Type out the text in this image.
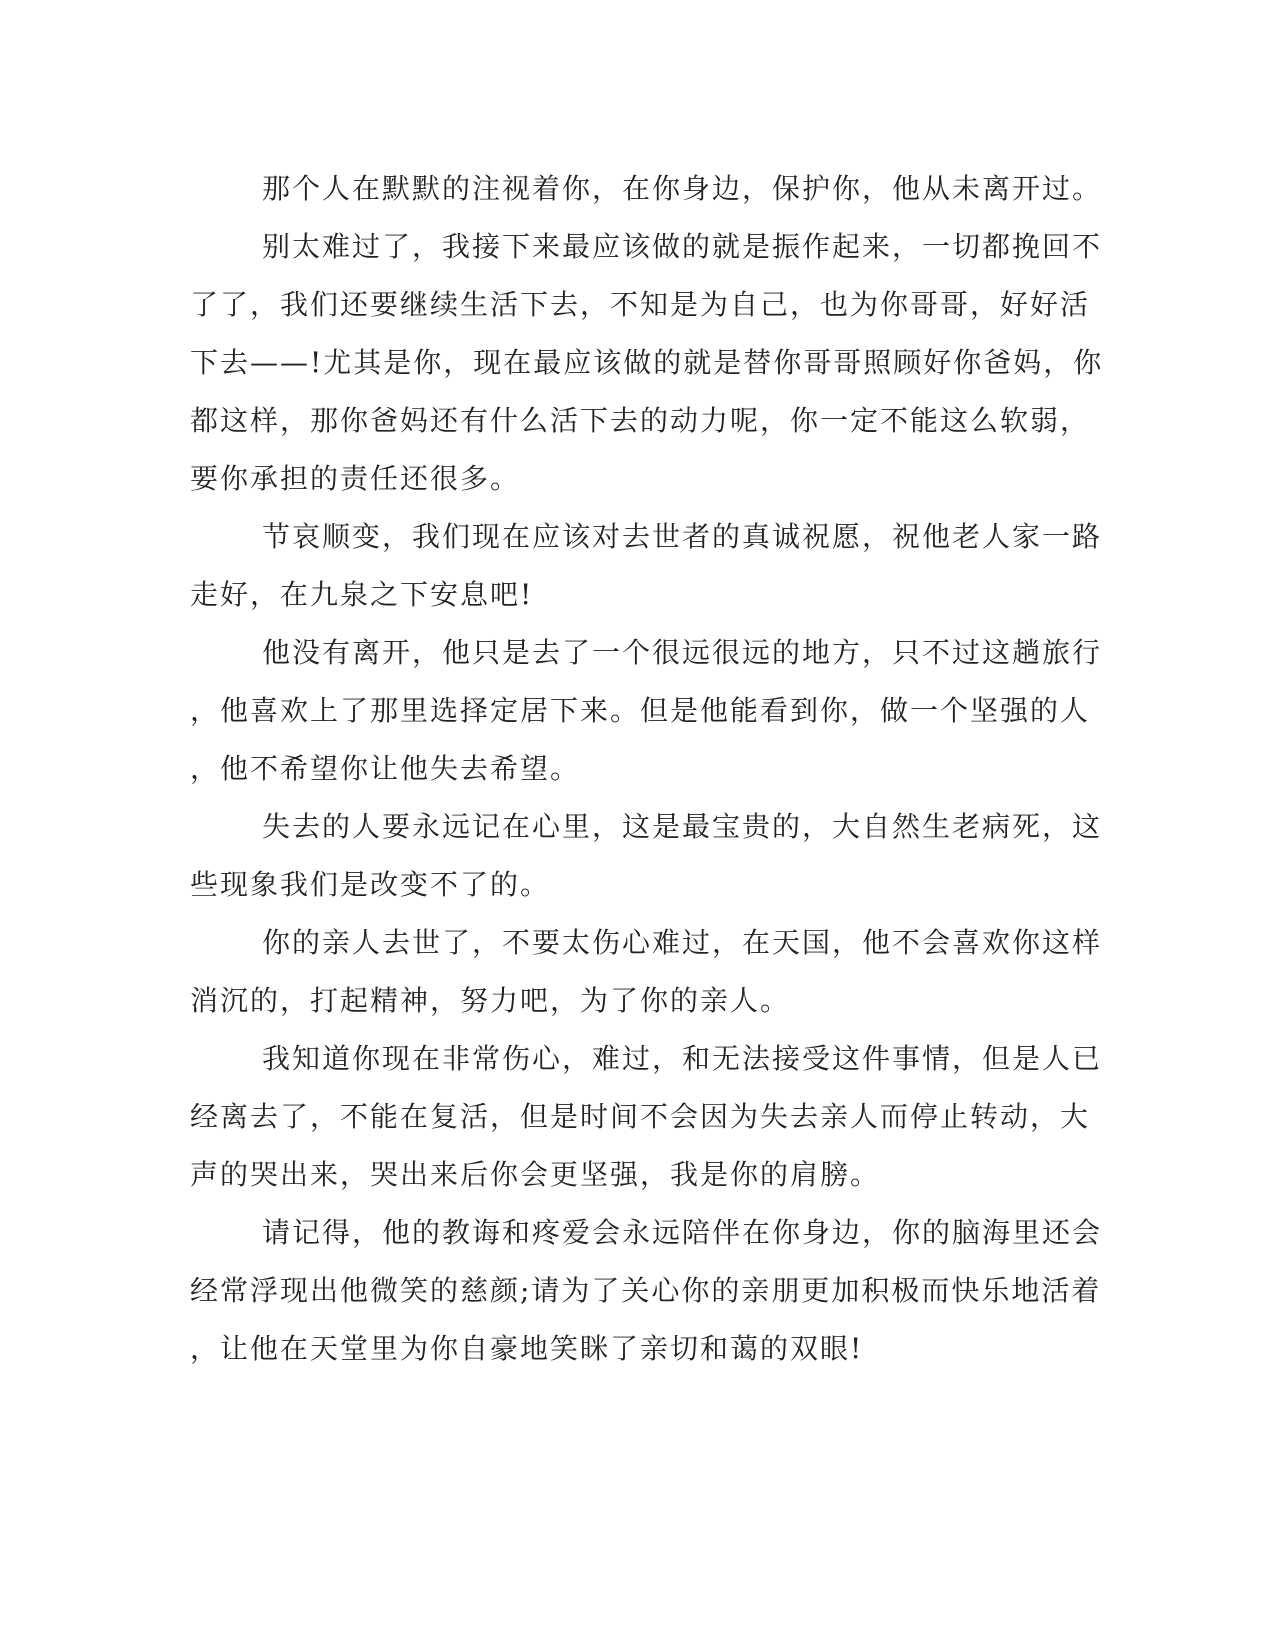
那个人在默默的注视着你，在你身边，保护你，他从未离开过。
别太难过了，我接下来最应该做的就是振作起来，一切都挽回不
了了，我们还要继续生活下去，不知是为自己，也为你哥哥，好好活
下去——!尤其是你，现在最应该做的就是替你哥哥照顾好你爸妈，你
都这样，那你爸妈还有什么活下去的动力呢，你一定不能这么软弱，
要你承担的责任还很多。
节哀顺变，我们现在应该对去世者的真诚祝愿，祝他老人家一路
走好，在九泉之下安息吧!
他没有离开，他只是去了一个很远很远的地方，只不过这趟旅行
，他喜欢上了那里选择定居下来。但是他能看到你，做一个坚强的人
，他不希望你让他失去希望。
失去的人要永远记在心里，这是最宝贵的，大自然生老病死，这
些现象我们是改变不了的。
你的亲人去世了，不要太伤心难过，在天国，他不会喜欢你这样
消沉的，打起精神，努力吧，为了你的亲人。
我知道你现在非常伤心，难过，和无法接受这件事情，但是人已
经离去了，不能在复活，但是时间不会因为失去亲人而停止转动，大
声的哭出来，哭出来后你会更坚强，我是你的肩膀。
请记得，他的教诲和疼爱会永远陪伴在你身边，你的脑海里还会
经常浮现出他微笑的慈颜;请为了关心你的亲朋更加积极而快乐地活着
，让他在天堂里为你自豪地笑眯了亲切和蔼的双眼!
